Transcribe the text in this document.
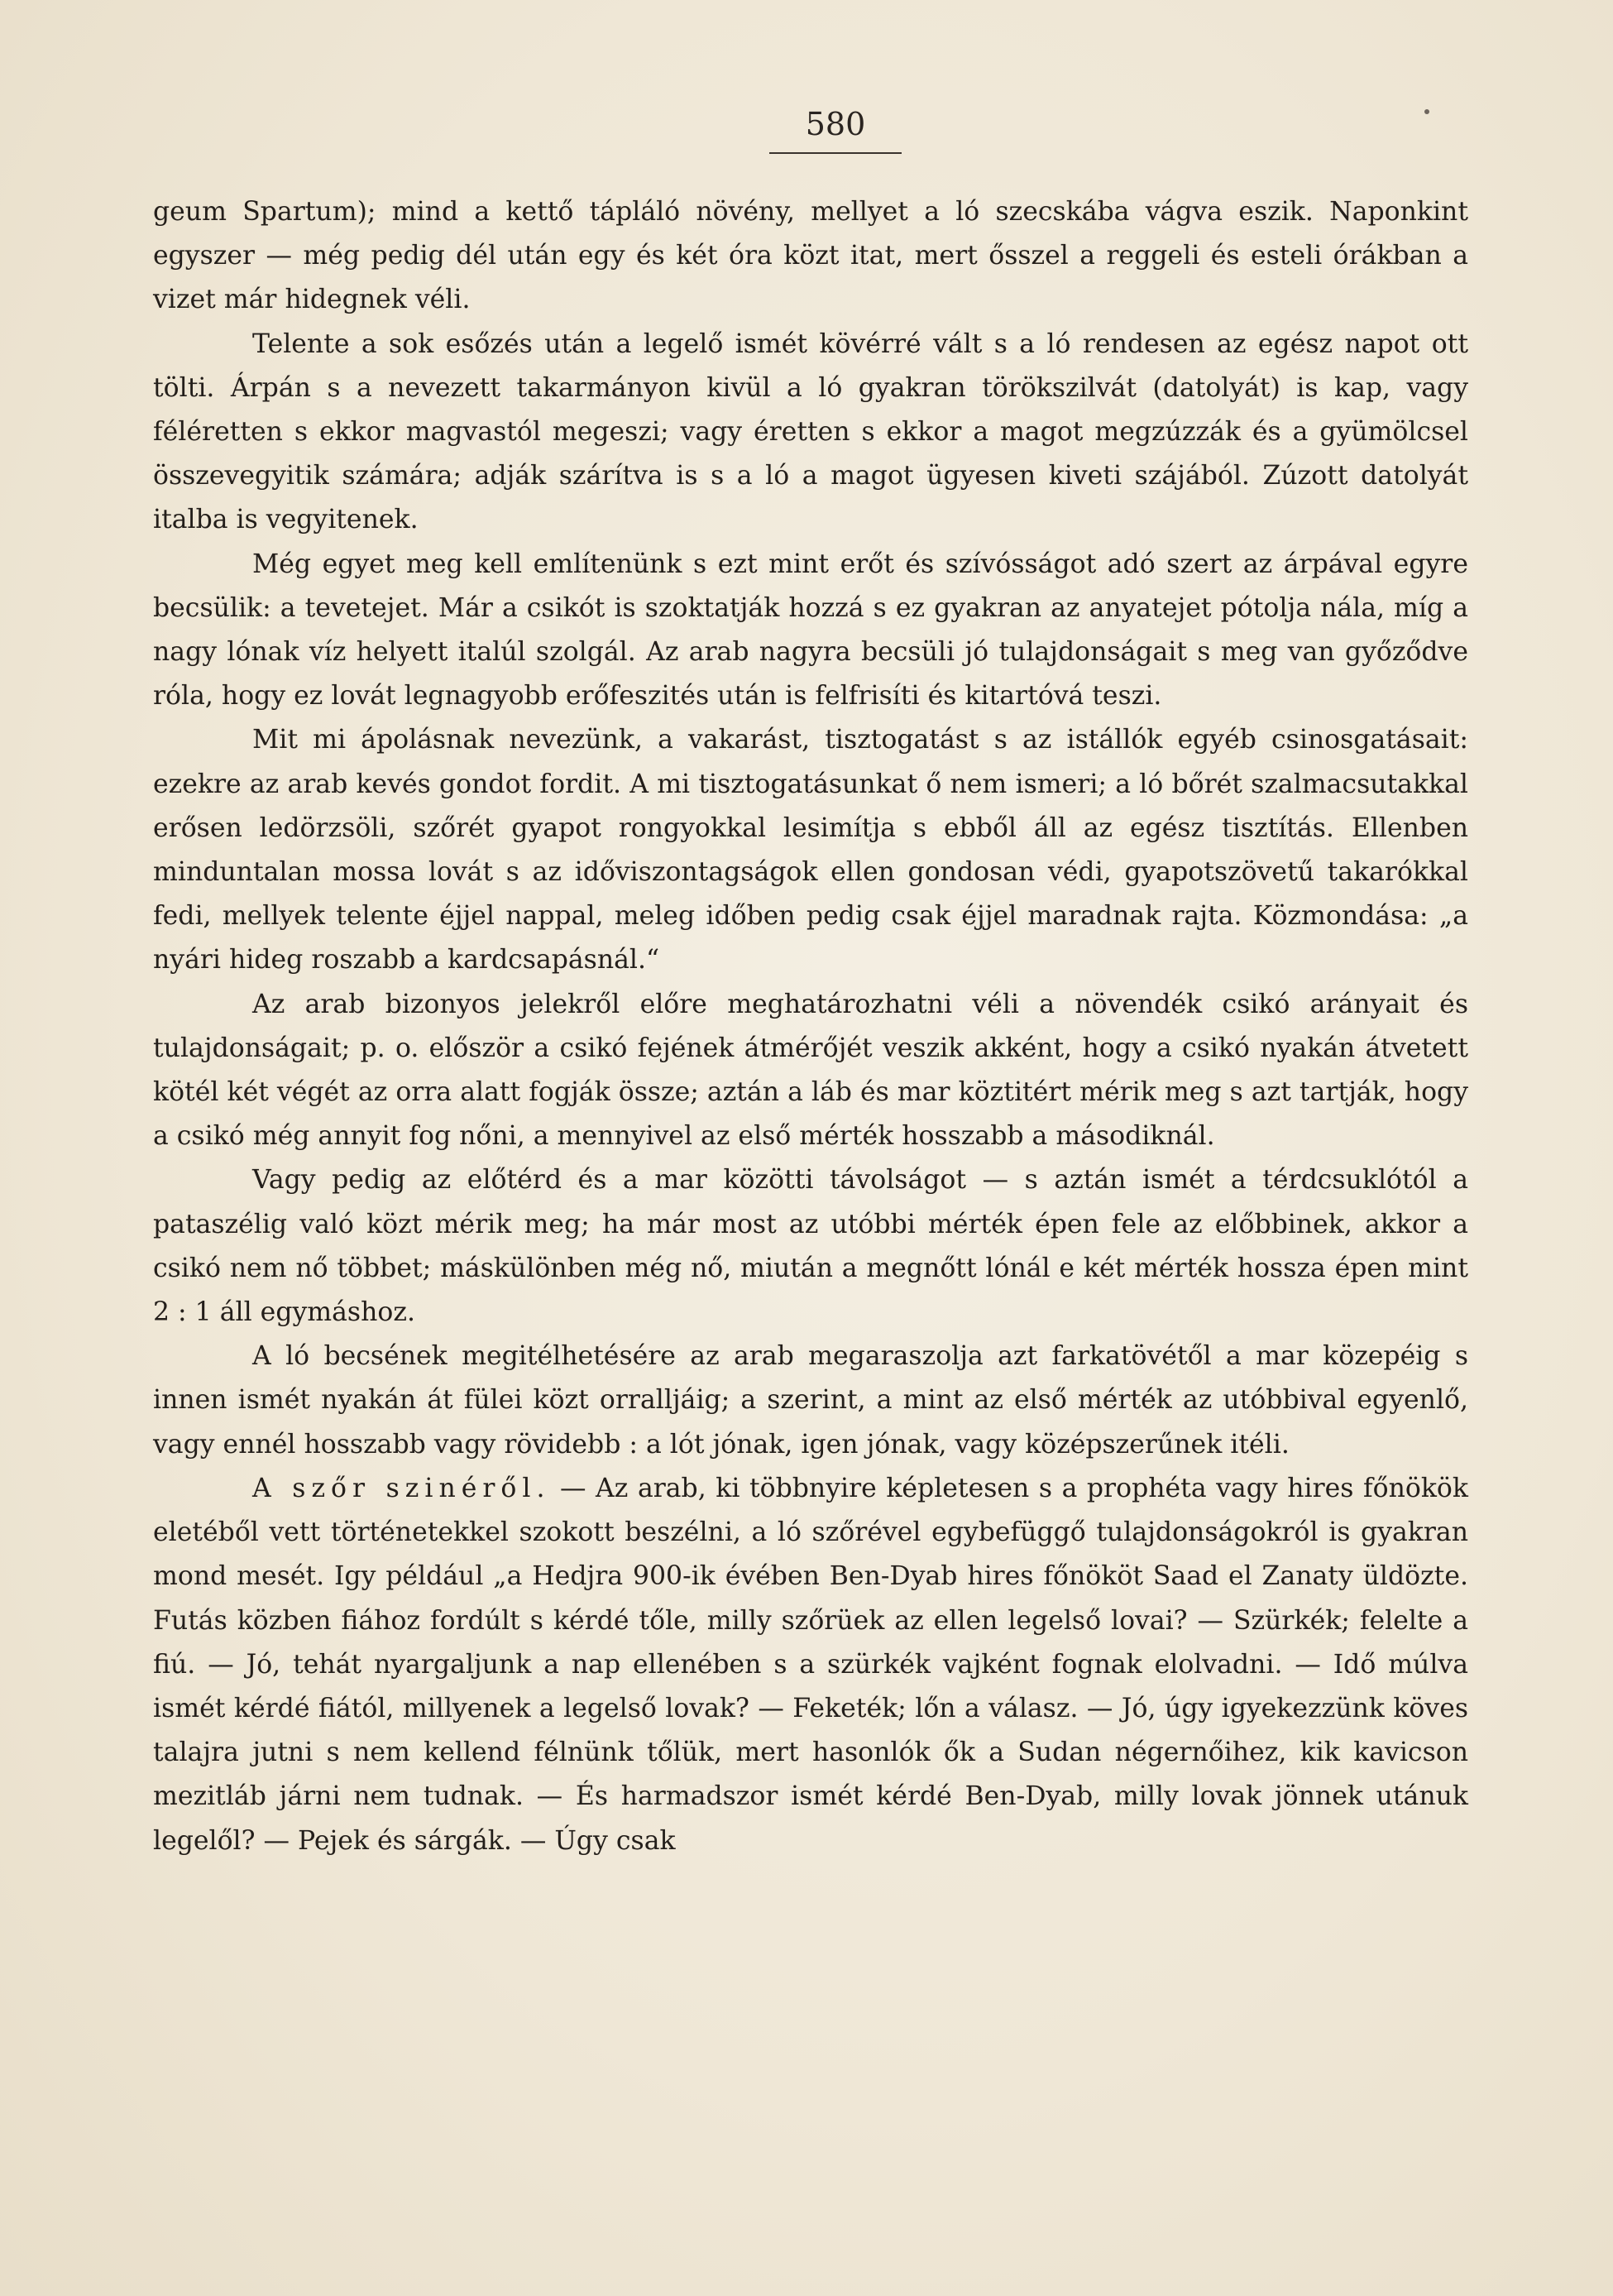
580

geum Spartum); mind a kettő tápláló növény, mellyet a ló szecskába vágva eszik. Naponkint egyszer — még pedig dél után egy és két óra közt itat, mert ősszel a reggeli és esteli órákban a vizet már hidegnek véli.

Telente a sok esőzés után a legelő ismét kövérré vált s a ló rendesen az egész napot ott tölti. Árpán s a nevezett takarmányon kivül a ló gyakran törökszilvát (datolyát) is kap, vagy féléretten s ekkor magvastól megeszi; vagy éretten s ekkor a magot megzúzzák és a gyümölcsel összevegyitik számára; adják szárítva is s a ló a magot ügyesen kiveti szájából. Zúzott datolyát italba is vegyitenek.

Még egyet meg kell említenünk s ezt mint erőt és szívósságot adó szert az árpával egyre becsülik: a tevetejet. Már a csikót is szoktatják hozzá s ez gyakran az anyatejet pótolja nála, míg a nagy lónak víz helyett italúl szolgál. Az arab nagyra becsüli jó tulajdonságait s meg van győződve róla, hogy ez lovát legnagyobb erőfeszités után is felfrisíti és kitartóvá teszi.

Mit mi ápolásnak nevezünk, a vakarást, tisztogatást s az istállók egyéb csinosgatásait: ezekre az arab kevés gondot fordit. A mi tisztogatásunkat ő nem ismeri; a ló bőrét szalmacsutakkal erősen ledörzsöli, szőrét gyapot rongyokkal lesimítja s ebből áll az egész tisztítás. Ellenben minduntalan mossa lovát s az időviszontagságok ellen gondosan védi, gyapotszövetű takarókkal fedi, mellyek telente éjjel nappal, meleg időben pedig csak éjjel maradnak rajta. Közmondása: „a nyári hideg roszabb a kardcsapásnál.“

Az arab bizonyos jelekről előre meghatározhatni véli a növendék csikó arányait és tulajdonságait; p. o. először a csikó fejének átmérőjét veszik akként, hogy a csikó nyakán átvetett kötél két végét az orra alatt fogják össze; aztán a láb és mar köztitért mérik meg s azt tartják, hogy a csikó még annyit fog nőni, a mennyivel az első mérték hosszabb a másodiknál.

Vagy pedig az előtérd és a mar közötti távolságot — s aztán ismét a térdcsuklótól a pataszélig való közt mérik meg; ha már most az utóbbi mérték épen fele az előbbinek, akkor a csikó nem nő többet; máskülönben még nő, miután a megnőtt lónál e két mérték hossza épen mint 2 : 1 áll egymáshoz.

A ló becsének megitélhetésére az arab megaraszolja azt farkatövétől a mar közepéig s innen ismét nyakán át fülei közt orralljáig; a szerint, a mint az első mérték az utóbbival egyenlő, vagy ennél hosszabb vagy rövidebb : a lót jónak, igen jónak, vagy középszerűnek itéli.

A szőr szinéről. — Az arab, ki többnyire képletesen s a prophéta vagy hires főnökök eletéből vett történetekkel szokott beszélni, a ló szőrével egybefüggő tulajdonságokról is gyakran mond mesét. Igy például „a Hedjra 900-ik évében Ben-Dyab hires főnököt Saad el Zanaty üldözte. Futás közben fiához fordúlt s kérdé tőle, milly szőrüek az ellen legelső lovai? — Szürkék; felelte a fiú. — Jó, tehát nyargaljunk a nap ellenében s a szürkék vajként fognak elolvadni. — Idő múlva ismét kérdé fiától, millyenek a legelső lovak? — Feketék; lőn a válasz. — Jó, úgy igyekezzünk köves talajra jutni s nem kellend félnünk tőlük, mert hasonlók ők a Sudan négernőihez, kik kavicson mezitláb járni nem tudnak. — És harmadszor ismét kérdé Ben-Dyab, milly lovak jönnek utánuk legelől? — Pejek és sárgák. — Úgy csak
